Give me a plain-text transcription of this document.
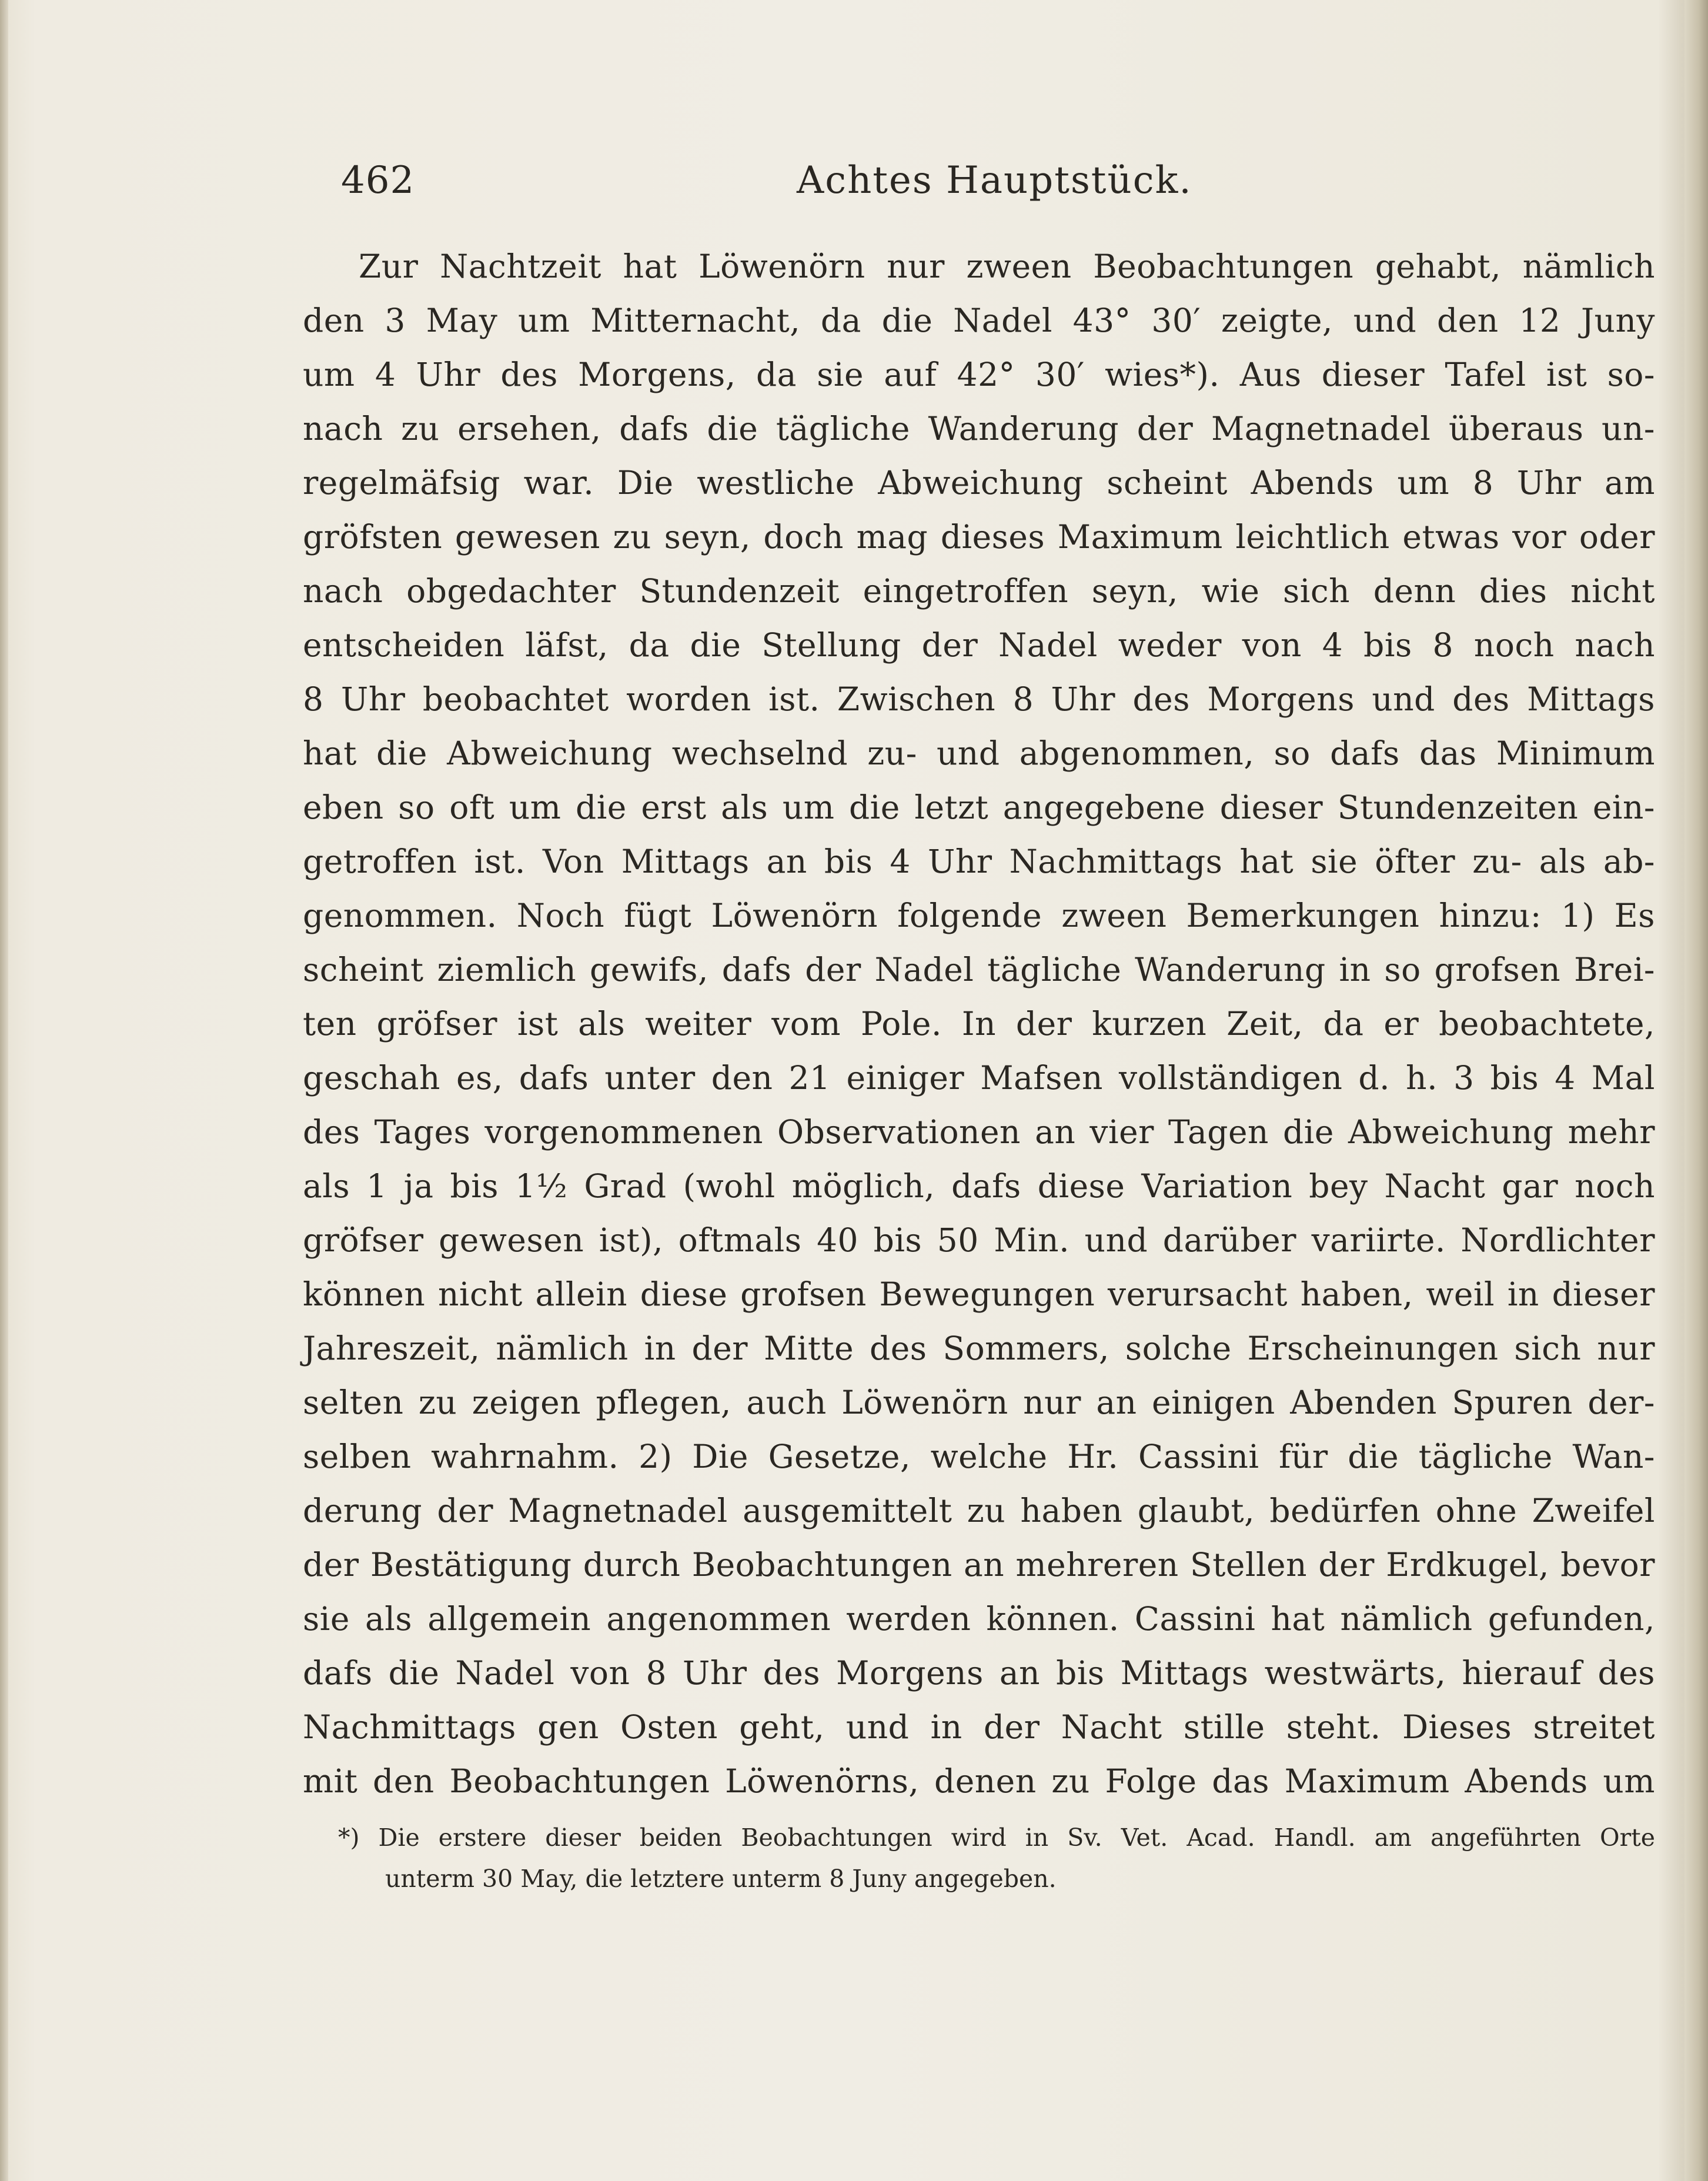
462	Achtes Hauptstück.
Zur Nachtzeit hat Löwenörn nur zween Beobachtungen gehabt, nämlich
den 3 May um Mitternacht, da die Nadel 43° 30′ zeigte, und den 12 Juny
um 4 Uhr des Morgens, da sie auf 42° 30′ wies*). Aus dieser Tafel ist so-
nach zu ersehen, dafs die tägliche Wanderung der Magnetnadel überaus un-
regelmäfsig war. Die westliche Abweichung scheint Abends um 8 Uhr am
gröfsten gewesen zu seyn, doch mag dieses Maximum leichtlich etwas vor oder
nach obgedachter Stundenzeit eingetroffen seyn, wie sich denn dies nicht
entscheiden läfst, da die Stellung der Nadel weder von 4 bis 8 noch nach
8 Uhr beobachtet worden ist. Zwischen 8 Uhr des Morgens und des Mittags
hat die Abweichung wechselnd zu- und abgenommen, so dafs das Minimum
eben so oft um die erst als um die letzt angegebene dieser Stundenzeiten ein-
getroffen ist. Von Mittags an bis 4 Uhr Nachmittags hat sie öfter zu- als ab-
genommen. Noch fügt Löwenörn folgende zween Bemerkungen hinzu: 1) Es
scheint ziemlich gewifs, dafs der Nadel tägliche Wanderung in so grofsen Brei-
ten gröfser ist als weiter vom Pole. In der kurzen Zeit, da er beobachtete,
geschah es, dafs unter den 21 einiger Mafsen vollständigen d. h. 3 bis 4 Mal
des Tages vorgenommenen Observationen an vier Tagen die Abweichung mehr
als 1 ja bis 1½ Grad (wohl möglich, dafs diese Variation bey Nacht gar noch
gröfser gewesen ist), oftmals 40 bis 50 Min. und darüber variirte. Nordlichter
können nicht allein diese grofsen Bewegungen verursacht haben, weil in dieser
Jahreszeit, nämlich in der Mitte des Sommers, solche Erscheinungen sich nur
selten zu zeigen pflegen, auch Löwenörn nur an einigen Abenden Spuren der-
selben wahrnahm. 2) Die Gesetze, welche Hr. Cassini für die tägliche Wan-
derung der Magnetnadel ausgemittelt zu haben glaubt, bedürfen ohne Zweifel
der Bestätigung durch Beobachtungen an mehreren Stellen der Erdkugel, bevor
sie als allgemein angenommen werden können. Cassini hat nämlich gefunden,
dafs die Nadel von 8 Uhr des Morgens an bis Mittags westwärts, hierauf des
Nachmittags gen Osten geht, und in der Nacht stille steht. Dieses streitet
mit den Beobachtungen Löwenörns, denen zu Folge das Maximum Abends um
*) Die erstere dieser beiden Beobachtungen wird in Sv. Vet. Acad. Handl. am angeführten Orte
unterm 30 May, die letztere unterm 8 Juny angegeben.
